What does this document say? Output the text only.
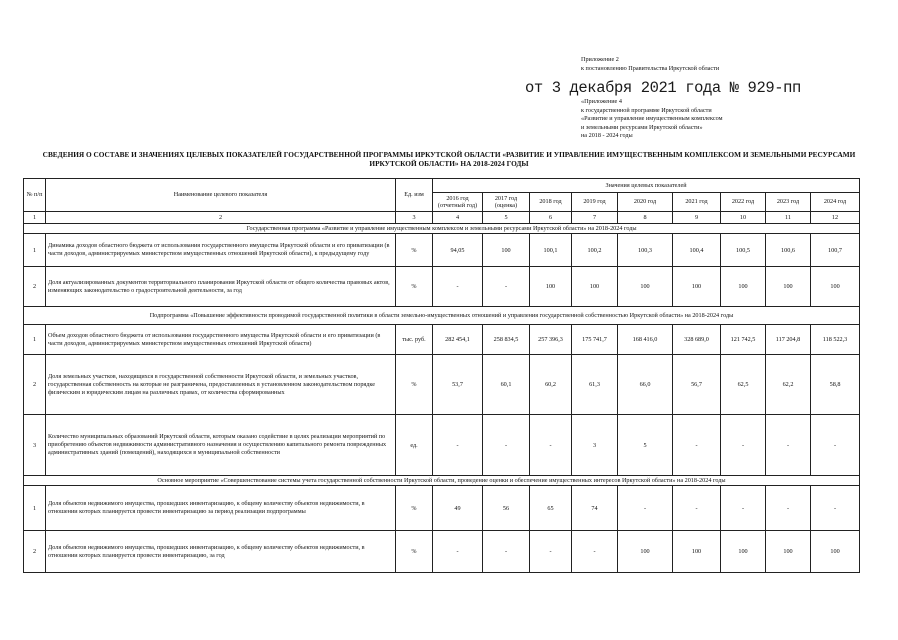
Приложение 2
к постановлению Правительства Иркутской области
от 3 декабря 2021 года № 929-пп
«Приложение 4
к государственной программе Иркутской области
«Развитие и управление имущественным комплексом
и земельными ресурсами Иркутской области»
на 2018 - 2024 годы
СВЕДЕНИЯ О СОСТАВЕ И ЗНАЧЕНИЯХ ЦЕЛЕВЫХ ПОКАЗАТЕЛЕЙ ГОСУДАРСТВЕННОЙ ПРОГРАММЫ ИРКУТСКОЙ ОБЛАСТИ «РАЗВИТИЕ И УПРАВЛЕНИЕ ИМУЩЕСТВЕННЫМ КОМПЛЕКСОМ И ЗЕМЕЛЬНЫМИ РЕСУРСАМИ ИРКУТСКОЙ ОБЛАСТИ» НА 2018-2024 ГОДЫ
№ п/п	Наименование целевого показателя	Ед. изм	Значения целевых показателей								
			2016 год (отчетный год)	2017 год (оценка)	2018 год	2019 год	2020 год	2021 год	2022 год	2023 год	2024 год
1	2	3	4	5	6	7	8	9	10	11	12
Государственная программа «Развитие и управление имущественным комплексом и земельными ресурсами Иркутской области» на 2018-2024 годы											
1	Динамика доходов областного бюджета от использования государственного имущества Иркутской области и его приватизации (в части доходов, администрируемых министерством имущественных отношений Иркутской области), к предыдущему году	%	94,05	100	100,1	100,2	100,3	100,4	100,5	100,6	100,7
2	Доля актуализированных документов территориального планирования Иркутской области от общего количества правовых актов, изменяющих законодательство о градостроительной деятельности, за год	%	-	-	100	100	100	100	100	100	100
Подпрограмма «Повышение эффективности проводимой государственной политики в области земельно-имущественных отношений и управления государственной собственностью Иркутской области» на 2018-2024 годы											
1	Объем доходов областного бюджета от использования государственного имущества Иркутской области и его приватизации (в части доходов, администрируемых министерством имущественных отношений Иркутской области)	тыс. руб.	282 454,1	258 834,5	257 396,3	175 741,7	168 416,0	328 689,0	121 742,5	117 204,8	118 522,3
2	Доля земельных участков, находящихся в государственной собственности Иркутской области, и земельных участков, государственная собственность на которые не разграничена, предоставленных в установленном законодательством порядке физическим и юридическим лицам на различных правах, от количества сформированных	%	53,7	60,1	60,2	61,3	66,0	56,7	62,5	62,2	58,8
3	Количество муниципальных образований Иркутской области, которым оказано содействие в целях реализации мероприятий по приобретению объектов недвижимости административного назначения и осуществлению капитального ремонта поврежденных административных зданий (помещений), находящихся в муниципальной собственности	ед.	-	-	-	3	5	-	-	-	-
Основное мероприятие «Совершенствование системы учета государственной собственности Иркутской области, проведение оценки и обеспечение имущественных интересов Иркутской области» на 2018-2024 годы											
1	Доля объектов недвижимого имущества, прошедших инвентаризацию, к общему количеству объектов недвижимости, в отношении которых планируется провести инвентаризацию за период реализации подпрограммы	%	49	56	65	74	-	-	-	-	-
2	Доля объектов недвижимого имущества, прошедших инвентаризацию, к общему количеству объектов недвижимости, в отношении которых планируется провести инвентаризацию, за год	%	-	-	-	-	100	100	100	100	100
